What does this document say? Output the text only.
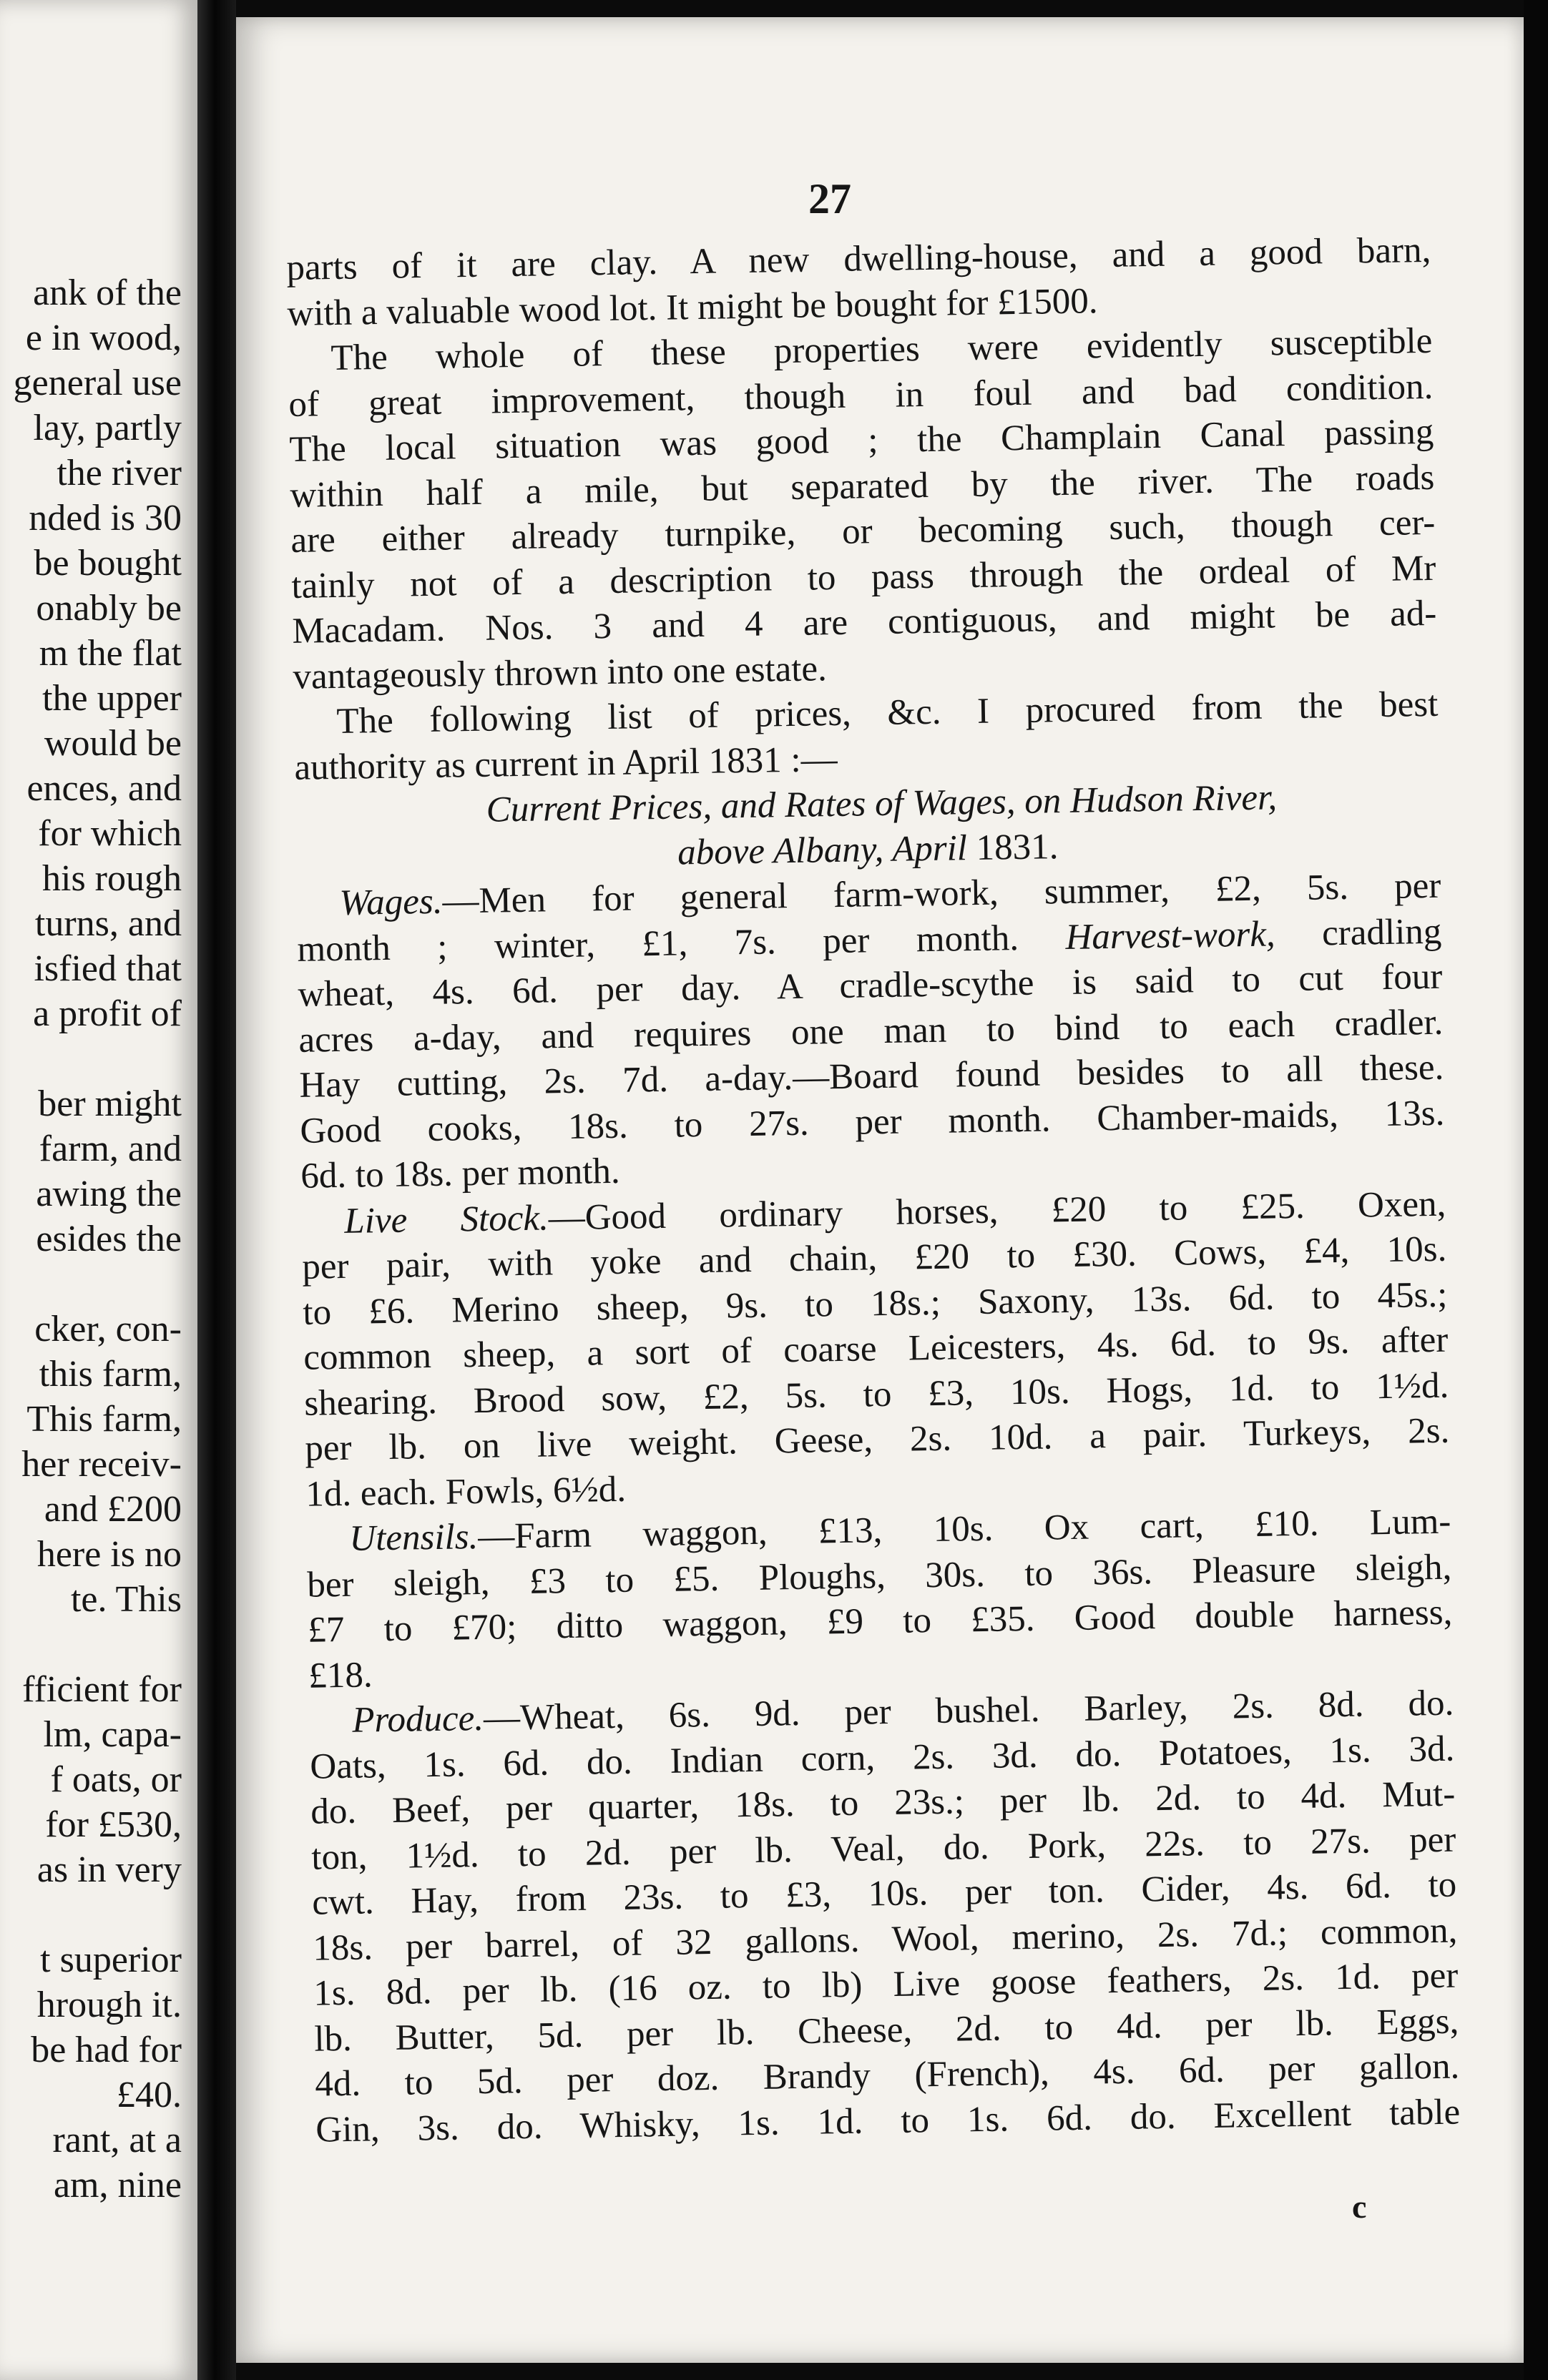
ank of the
e in wood,
general use
lay, partly
the river
nded is 30
be bought
onably be
m the flat
the upper
would be
ences, and
for which
his rough
turns, and
isfied that
a profit of
ber might
farm, and
awing the
esides the
cker, con-
this farm,
This farm,
her receiv-
and £200
here is no
te. This
fficient for
lm, capa-
f oats, or
for £530,
as in very
t superior
hrough it.
be had for
£40.
rant, at a
am, nine
27
parts of it are clay. A new dwelling-house, and a good barn,
with a valuable wood lot. It might be bought for £1500.
The whole of these properties were evidently susceptible
of great improvement, though in foul and bad condition.
The local situation was good ; the Champlain Canal passing
within half a mile, but separated by the river. The roads
are either already turnpike, or becoming such, though cer-
tainly not of a description to pass through the ordeal of Mr
Macadam. Nos. 3 and 4 are contiguous, and might be ad-
vantageously thrown into one estate.
The following list of prices, &c. I procured from the best
authority as current in April 1831 :—
Current Prices, and Rates of Wages, on Hudson River,
above Albany, April 1831.
Wages.—Men for general farm-work, summer, £2, 5s. per
month ; winter, £1, 7s. per month. Harvest-work, cradling
wheat, 4s. 6d. per day. A cradle-scythe is said to cut four
acres a-day, and requires one man to bind to each cradler.
Hay cutting, 2s. 7d. a-day.—Board found besides to all these.
Good cooks, 18s. to 27s. per month. Chamber-maids, 13s.
6d. to 18s. per month.
Live Stock.—Good ordinary horses, £20 to £25. Oxen,
per pair, with yoke and chain, £20 to £30. Cows, £4, 10s.
to £6. Merino sheep, 9s. to 18s.; Saxony, 13s. 6d. to 45s.;
common sheep, a sort of coarse Leicesters, 4s. 6d. to 9s. after
shearing. Brood sow, £2, 5s. to £3, 10s. Hogs, 1d. to 1½d.
per lb. on live weight. Geese, 2s. 10d. a pair. Turkeys, 2s.
1d. each. Fowls, 6½d.
Utensils.—Farm waggon, £13, 10s. Ox cart, £10. Lum-
ber sleigh, £3 to £5. Ploughs, 30s. to 36s. Pleasure sleigh,
£7 to £70; ditto waggon, £9 to £35. Good double harness,
£18.
Produce.—Wheat, 6s. 9d. per bushel. Barley, 2s. 8d. do.
Oats, 1s. 6d. do. Indian corn, 2s. 3d. do. Potatoes, 1s. 3d.
do. Beef, per quarter, 18s. to 23s.; per lb. 2d. to 4d. Mut-
ton, 1½d. to 2d. per lb. Veal, do. Pork, 22s. to 27s. per
cwt. Hay, from 23s. to £3, 10s. per ton. Cider, 4s. 6d. to
18s. per barrel, of 32 gallons. Wool, merino, 2s. 7d.; common,
1s. 8d. per lb. (16 oz. to lb) Live goose feathers, 2s. 1d. per
lb. Butter, 5d. per lb. Cheese, 2d. to 4d. per lb. Eggs,
4d. to 5d. per doz. Brandy (French), 4s. 6d. per gallon.
Gin, 3s. do. Whisky, 1s. 1d. to 1s. 6d. do. Excellent table
c
